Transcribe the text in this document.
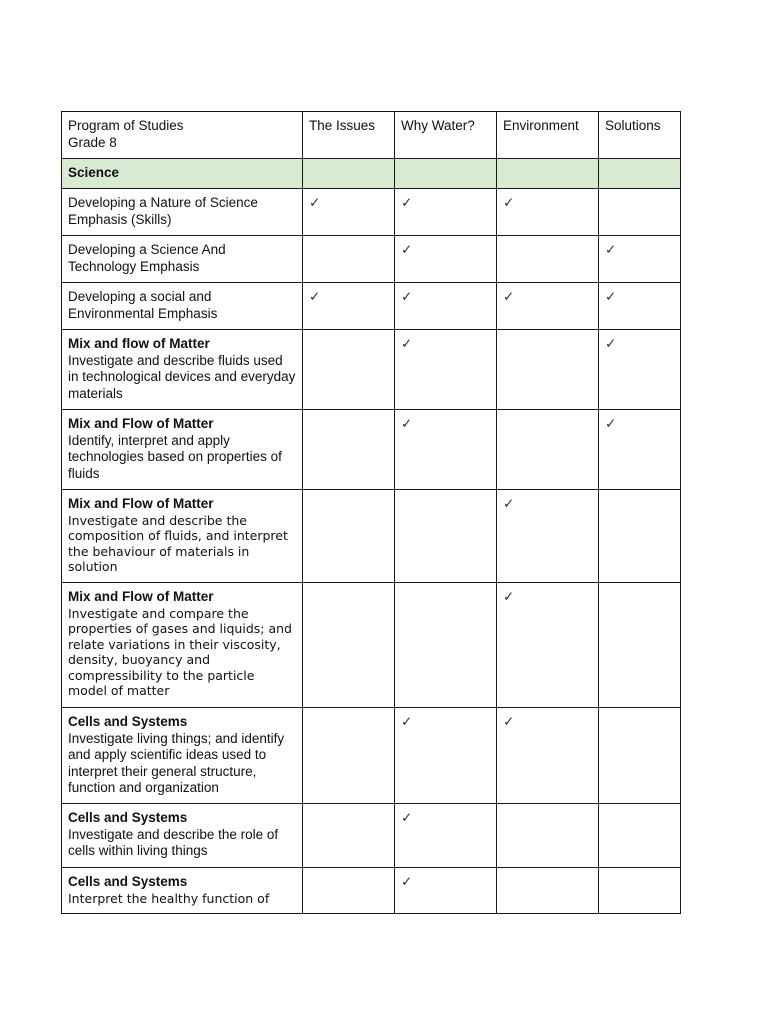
Program of Studies
Grade 8	The Issues	Why Water?	Environment	Solutions
Science				

Developing a Nature of Science Emphasis (Skills)	✓	✓	✓	

Developing a Science And Technology Emphasis		✓		✓

Developing a social and Environmental Emphasis	✓	✓	✓	✓

Mix and flow of Matter
Investigate and describe fluids used in technological devices and everyday materials		✓		✓

Mix and Flow of Matter
Identify, interpret and apply technologies based on properties of fluids		✓		✓

Mix and Flow of Matter
Investigate and describe the composition of fluids, and interpret the behaviour of materials in solution			✓	

Mix and Flow of Matter
Investigate and compare the properties of gases and liquids; and relate variations in their viscosity, density, buoyancy and compressibility to the particle model of matter			✓	

Cells and Systems
Investigate living things; and identify and apply scientific ideas used to interpret their general structure, function and organization		✓	✓	

Cells and Systems
Investigate and describe the role of cells within living things		✓		

Cells and Systems
Interpret the healthy function of		✓		
